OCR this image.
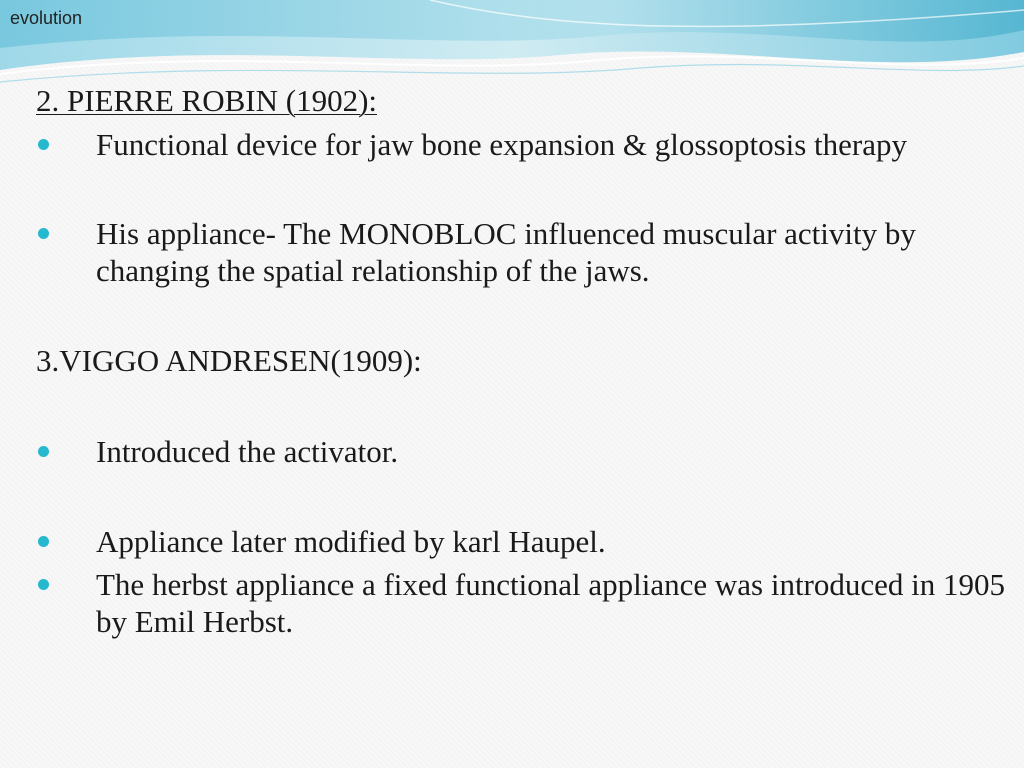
evolution

2. PIERRE ROBIN (1902):

Functional device for jaw bone expansion & glossoptosis therapy
His appliance- The MONOBLOC influenced muscular activity by changing the spatial relationship of the jaws.

3.VIGGO ANDRESEN(1909):

Introduced the activator.
Appliance later modified by karl Haupel.
The herbst appliance a fixed functional appliance was introduced in 1905 by Emil Herbst.
